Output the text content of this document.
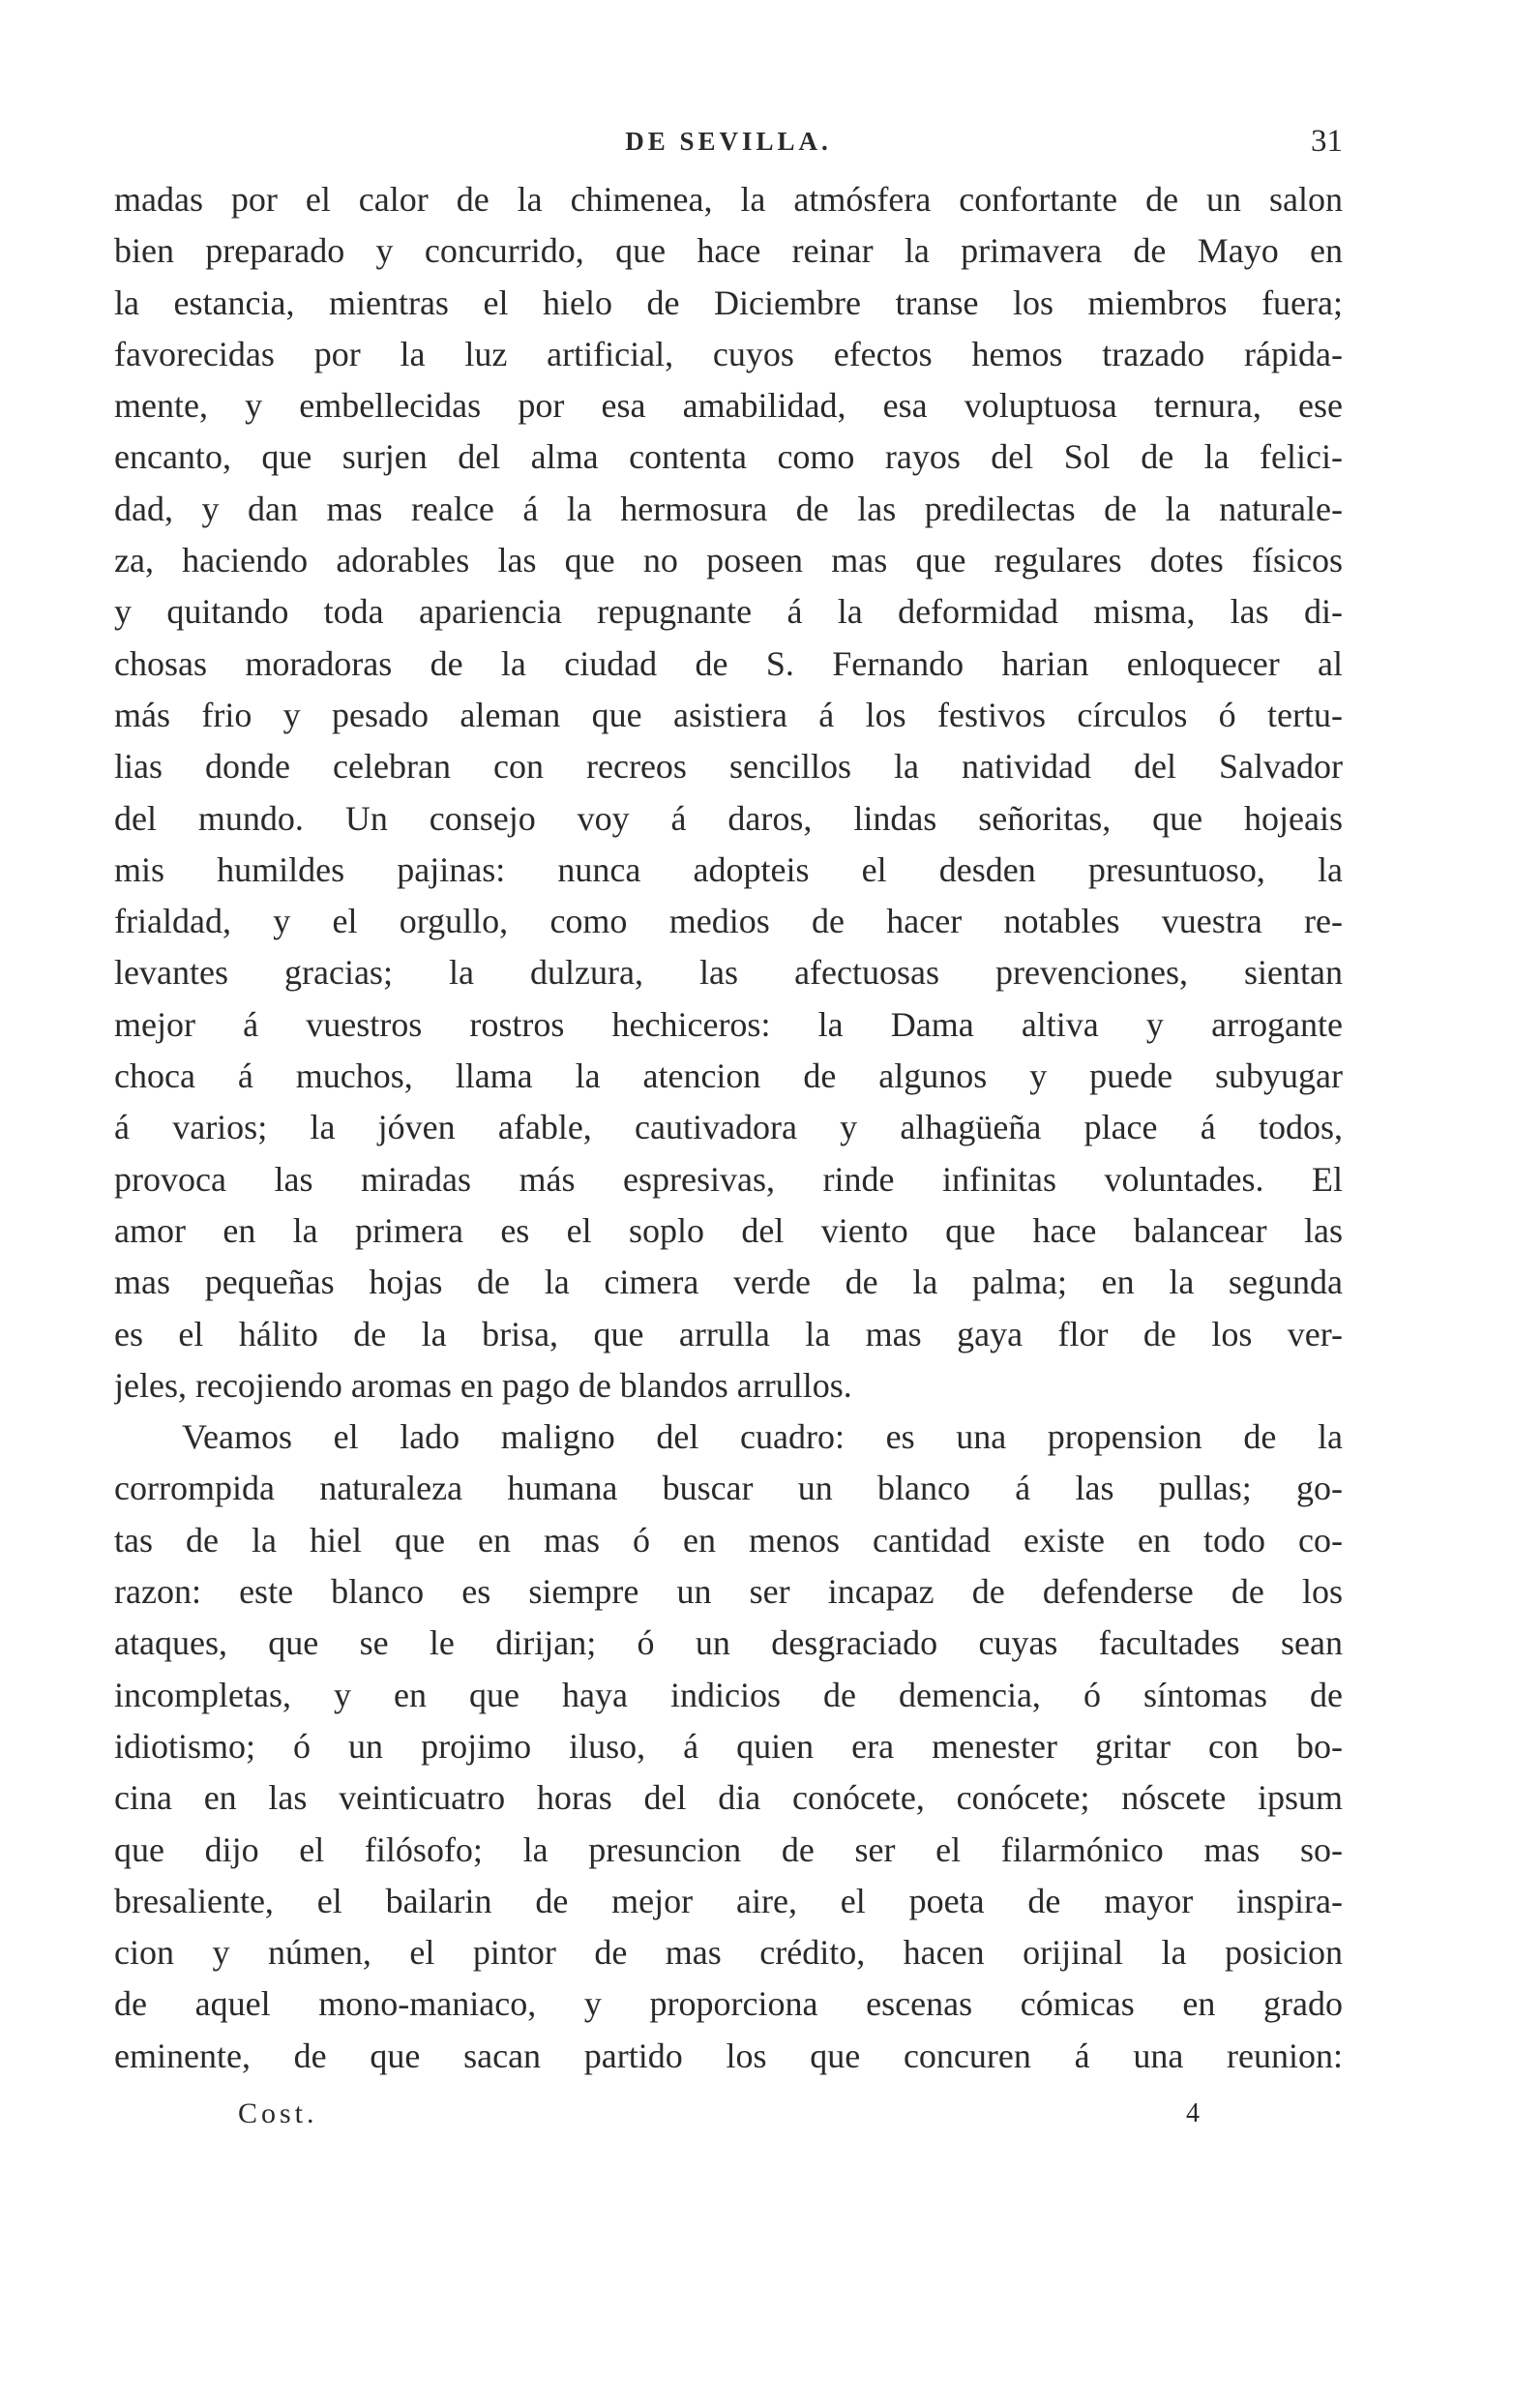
DE SEVILLA.	31
madas por el calor de la chimenea, la atmósfera confortante de un salon
bien preparado y concurrido, que hace reinar la primavera de Mayo en
la estancia, mientras el hielo de Diciembre transe los miembros fuera;
favorecidas por la luz artificial, cuyos efectos hemos trazado rápida-
mente, y embellecidas por esa amabilidad, esa voluptuosa ternura, ese
encanto, que surjen del alma contenta como rayos del Sol de la felici-
dad, y dan mas realce á la hermosura de las predilectas de la naturale-
za, haciendo adorables las que no poseen mas que regulares dotes físicos
y quitando toda apariencia repugnante á la deformidad misma, las di-
chosas moradoras de la ciudad de S. Fernando harian enloquecer al
más frio y pesado aleman que asistiera á los festivos círculos ó tertu-
lias donde celebran con recreos sencillos la natividad del Salvador
del mundo. Un consejo voy á daros, lindas señoritas, que hojeais
mis humildes pajinas: nunca adopteis el desden presuntuoso, la
frialdad, y el orgullo, como medios de hacer notables vuestra re-
levantes gracias; la dulzura, las afectuosas prevenciones, sientan
mejor á vuestros rostros hechiceros: la Dama altiva y arrogante
choca á muchos, llama la atencion de algunos y puede subyugar
á varios; la jóven afable, cautivadora y alhagüeña place á todos,
provoca las miradas más espresivas, rinde infinitas voluntades. El
amor en la primera es el soplo del viento que hace balancear las
mas pequeñas hojas de la cimera verde de la palma; en la segunda
es el hálito de la brisa, que arrulla la mas gaya flor de los ver-
jeles, recojiendo aromas en pago de blandos arrullos.
Veamos el lado maligno del cuadro: es una propension de la
corrompida naturaleza humana buscar un blanco á las pullas; go-
tas de la hiel que en mas ó en menos cantidad existe en todo co-
razon: este blanco es siempre un ser incapaz de defenderse de los
ataques, que se le dirijan; ó un desgraciado cuyas facultades sean
incompletas, y en que haya indicios de demencia, ó síntomas de
idiotismo; ó un projimo iluso, á quien era menester gritar con bo-
cina en las veinticuatro horas del dia conócete, conócete; nóscete ipsum
que dijo el filósofo; la presuncion de ser el filarmónico mas so-
bresaliente, el bailarin de mejor aire, el poeta de mayor inspira-
cion y númen, el pintor de mas crédito, hacen orijinal la posicion
de aquel mono-maniaco, y proporciona escenas cómicas en grado
eminente, de que sacan partido los que concuren á una reunion:
Cost.	4
